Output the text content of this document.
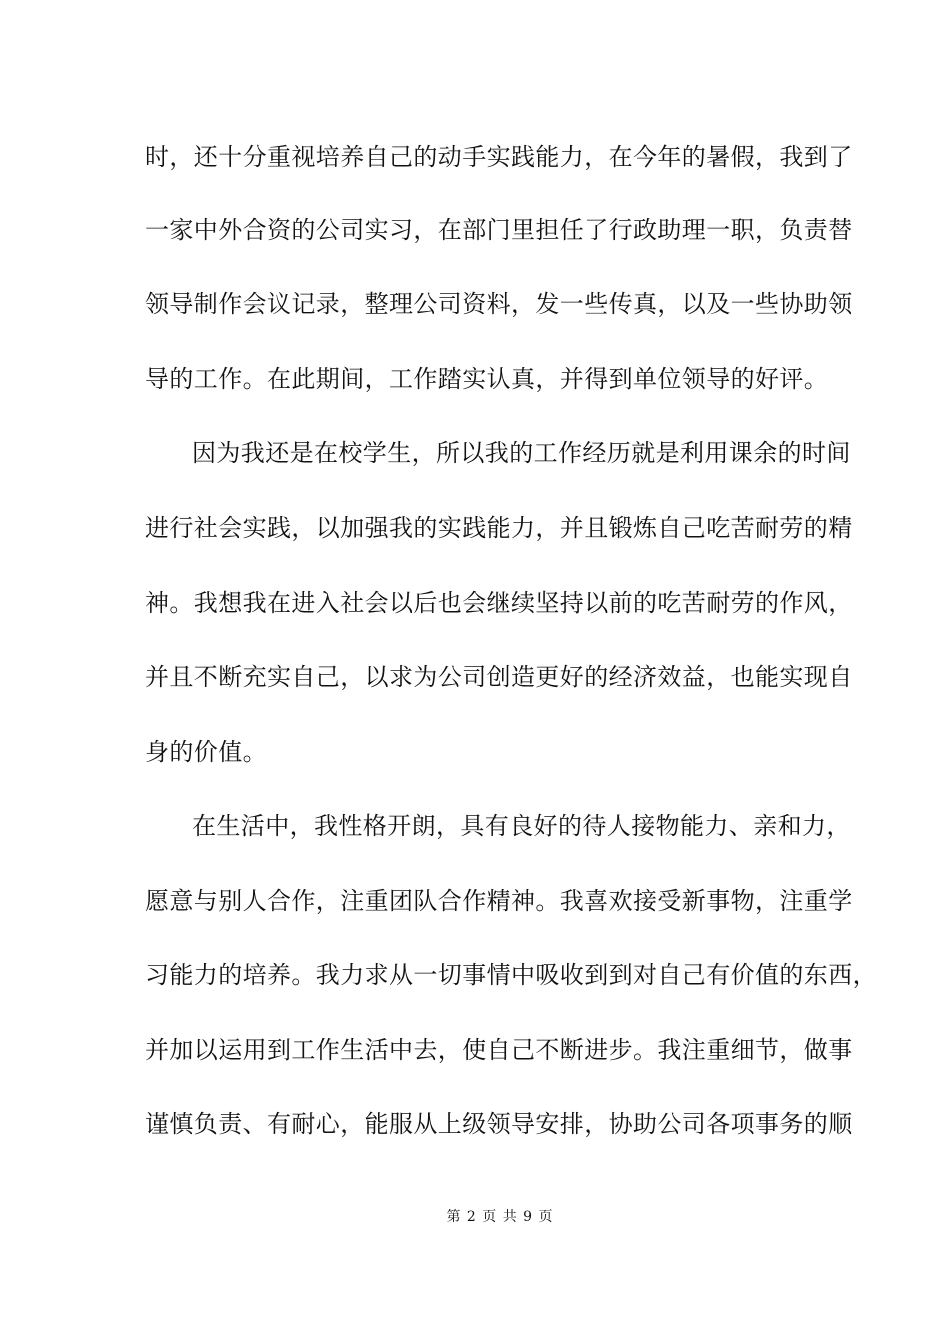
时，还十分重视培养自己的动手实践能力，在今年的暑假，我到了
一家中外合资的公司实习，在部门里担任了行政助理一职，负责替
领导制作会议记录，整理公司资料，发一些传真，以及一些协助领
导的工作。在此期间，工作踏实认真，并得到单位领导的好评。
因为我还是在校学生，所以我的工作经历就是利用课余的时间
进行社会实践，以加强我的实践能力，并且锻炼自己吃苦耐劳的精
神。我想我在进入社会以后也会继续坚持以前的吃苦耐劳的作风，
并且不断充实自己，以求为公司创造更好的经济效益，也能实现自
身的价值。
在生活中，我性格开朗，具有良好的待人接物能力、亲和力，
愿意与别人合作，注重团队合作精神。我喜欢接受新事物，注重学
习能力的培养。我力求从一切事情中吸收到到对自己有价值的东西，
并加以运用到工作生活中去，使自己不断进步。我注重细节，做事
谨慎负责、有耐心，能服从上级领导安排，协助公司各项事务的顺
第 2 页 共 9 页
